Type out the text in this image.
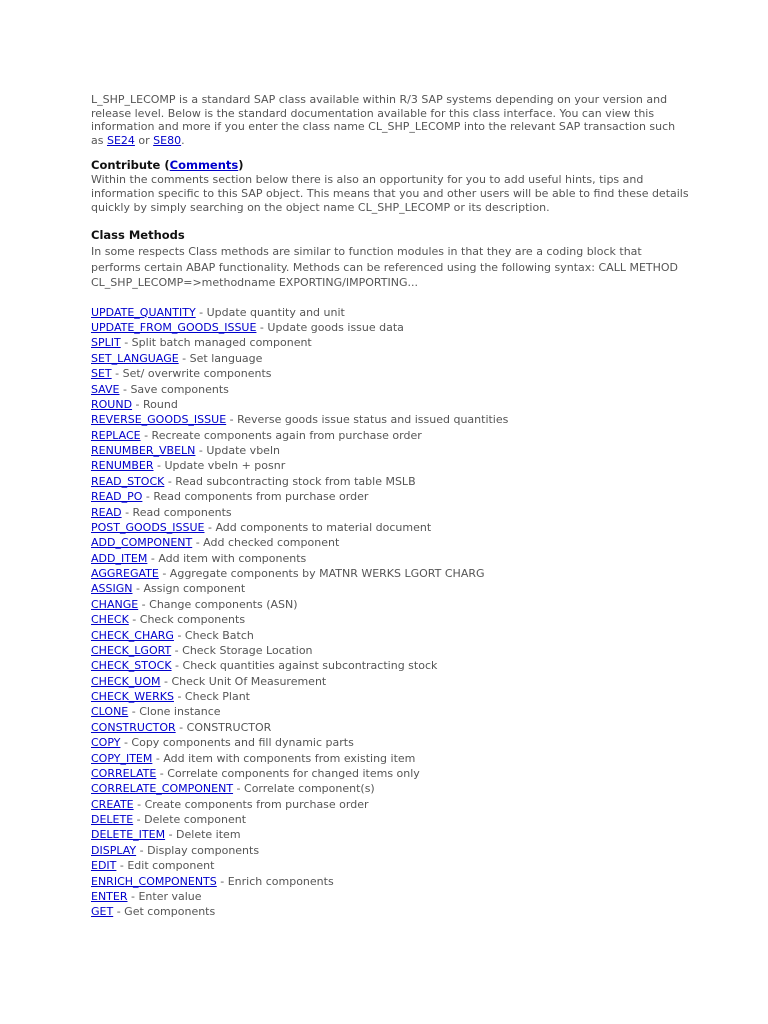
L_SHP_LECOMP is a standard SAP class available within R/3 SAP systems depending on your version and release level. Below is the standard documentation available for this class interface. You can view this information and more if you enter the class name CL_SHP_LECOMP into the relevant SAP transaction such as SE24 or SE80.

Contribute (Comments)

Within the comments section below there is also an opportunity for you to add useful hints, tips and information specific to this SAP object. This means that you and other users will be able to find these details quickly by simply searching on the object name CL_SHP_LECOMP or its description.

Class Methods

In some respects Class methods are similar to function modules in that they are a coding block that performs certain ABAP functionality. Methods can be referenced using the following syntax: CALL METHOD CL_SHP_LECOMP=>methodname EXPORTING/IMPORTING...

UPDATE_QUANTITY - Update quantity and unit
UPDATE_FROM_GOODS_ISSUE - Update goods issue data
SPLIT - Split batch managed component
SET_LANGUAGE - Set language
SET - Set/ overwrite components
SAVE - Save components
ROUND - Round
REVERSE_GOODS_ISSUE - Reverse goods issue status and issued quantities
REPLACE - Recreate components again from purchase order
RENUMBER_VBELN - Update vbeln
RENUMBER - Update vbeln + posnr
READ_STOCK - Read subcontracting stock from table MSLB
READ_PO - Read components from purchase order
READ - Read components
POST_GOODS_ISSUE - Add components to material document
ADD_COMPONENT - Add checked component
ADD_ITEM - Add item with components
AGGREGATE - Aggregate components by MATNR WERKS LGORT CHARG
ASSIGN - Assign component
CHANGE - Change components (ASN)
CHECK - Check components
CHECK_CHARG - Check Batch
CHECK_LGORT - Check Storage Location
CHECK_STOCK - Check quantities against subcontracting stock
CHECK_UOM - Check Unit Of Measurement
CHECK_WERKS - Check Plant
CLONE - Clone instance
CONSTRUCTOR - CONSTRUCTOR
COPY - Copy components and fill dynamic parts
COPY_ITEM - Add item with components from existing item
CORRELATE - Correlate components for changed items only
CORRELATE_COMPONENT - Correlate component(s)
CREATE - Create components from purchase order
DELETE - Delete component
DELETE_ITEM - Delete item
DISPLAY - Display components
EDIT - Edit component
ENRICH_COMPONENTS - Enrich components
ENTER - Enter value
GET - Get components
